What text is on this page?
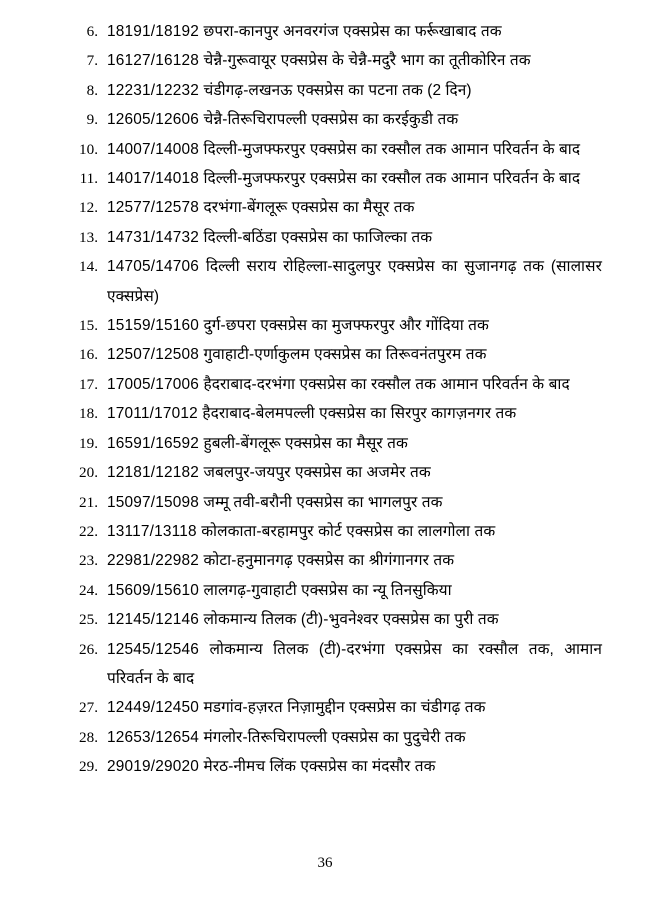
6. 18191/18192 छपरा-कानपुर अनवरगंज एक्सप्रेस का फर्रूखाबाद तक
7. 16127/16128 चेन्नै-गुरूवायूर एक्सप्रेस के चेन्नै-मदुरै भाग का तूतीकोरिन तक
8. 12231/12232 चंडीगढ़-लखनऊ एक्सप्रेस का पटना तक (2 दिन)
9. 12605/12606 चेन्नै-तिरूचिरापल्ली एक्सप्रेस का करईकुडी तक
10. 14007/14008 दिल्ली-मुजफ्फरपुर एक्सप्रेस का रक्सौल तक आमान परिवर्तन के बाद
11. 14017/14018 दिल्ली-मुजफ्फरपुर एक्सप्रेस का रक्सौल तक आमान परिवर्तन के बाद
12. 12577/12578 दरभंगा-बेंगलूरू एक्सप्रेस का मैसूर तक
13. 14731/14732 दिल्ली-बठिंडा एक्सप्रेस का फाजिल्का तक
14. 14705/14706 दिल्ली सराय रोहिल्ला-सादुलपुर एक्सप्रेस का सुजानगढ़ तक (सालासर एक्सप्रेस)
15. 15159/15160 दुर्ग-छपरा एक्सप्रेस का मुजफ्फरपुर और गोंदिया तक
16. 12507/12508 गुवाहाटी-एर्णाकुलम एक्सप्रेस का तिरूवनंतपुरम तक
17. 17005/17006 हैदराबाद-दरभंगा एक्सप्रेस का रक्सौल तक आमान परिवर्तन के बाद
18. 17011/17012 हैदराबाद-बेलमपल्ली एक्सप्रेस का सिरपुर कागज़नगर तक
19. 16591/16592 हुबली-बेंगलूरू एक्सप्रेस का मैसूर तक
20. 12181/12182 जबलपुर-जयपुर एक्सप्रेस का अजमेर तक
21. 15097/15098 जम्मू तवी-बरौनी एक्सप्रेस का भागलपुर तक
22. 13117/13118 कोलकाता-बरहामपुर कोर्ट एक्सप्रेस का लालगोला तक
23. 22981/22982 कोटा-हनुमानगढ़ एक्सप्रेस का श्रीगंगानगर तक
24. 15609/15610 लालगढ़-गुवाहाटी एक्सप्रेस का न्यू तिनसुकिया
25. 12145/12146 लोकमान्य तिलक (टी)-भुवनेश्वर एक्सप्रेस का पुरी तक
26. 12545/12546 लोकमान्य तिलक (टी)-दरभंगा एक्सप्रेस का रक्सौल तक, आमान परिवर्तन के बाद
27. 12449/12450 मडगांव-हज़रत निज़ामुद्दीन एक्सप्रेस का चंडीगढ़ तक
28. 12653/12654 मंगलोर-तिरूचिरापल्ली एक्सप्रेस का पुदुचेरी तक
29. 29019/29020 मेरठ-नीमच लिंक एक्सप्रेस का मंदसौर तक
36
